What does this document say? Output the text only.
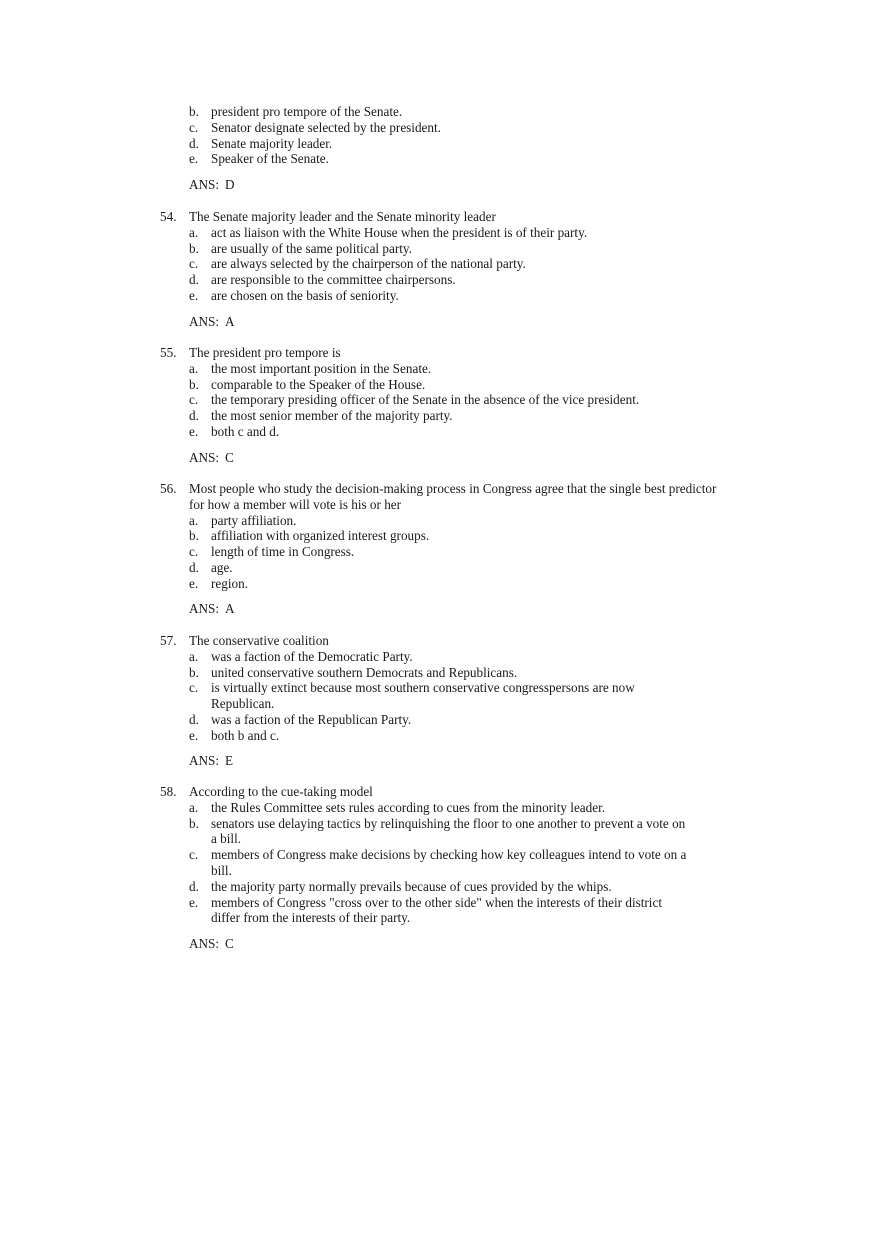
b. president pro tempore of the Senate.
c. Senator designate selected by the president.
d. Senate majority leader.
e. Speaker of the Senate.
ANS: D
54. The Senate majority leader and the Senate minority leader
a. act as liaison with the White House when the president is of their party.
b. are usually of the same political party.
c. are always selected by the chairperson of the national party.
d. are responsible to the committee chairpersons.
e. are chosen on the basis of seniority.
ANS: A
55. The president pro tempore is
a. the most important position in the Senate.
b. comparable to the Speaker of the House.
c. the temporary presiding officer of the Senate in the absence of the vice president.
d. the most senior member of the majority party.
e. both c and d.
ANS: C
56. Most people who study the decision-making process in Congress agree that the single best predictor
for how a member will vote is his or her
a. party affiliation.
b. affiliation with organized interest groups.
c. length of time in Congress.
d. age.
e. region.
ANS: A
57. The conservative coalition
a. was a faction of the Democratic Party.
b. united conservative southern Democrats and Republicans.
c. is virtually extinct because most southern conservative congresspersons are now
Republican.
d. was a faction of the Republican Party.
e. both b and c.
ANS: E
58. According to the cue-taking model
a. the Rules Committee sets rules according to cues from the minority leader.
b. senators use delaying tactics by relinquishing the floor to one another to prevent a vote on
a bill.
c. members of Congress make decisions by checking how key colleagues intend to vote on a
bill.
d. the majority party normally prevails because of cues provided by the whips.
e. members of Congress "cross over to the other side" when the interests of their district
differ from the interests of their party.
ANS: C
